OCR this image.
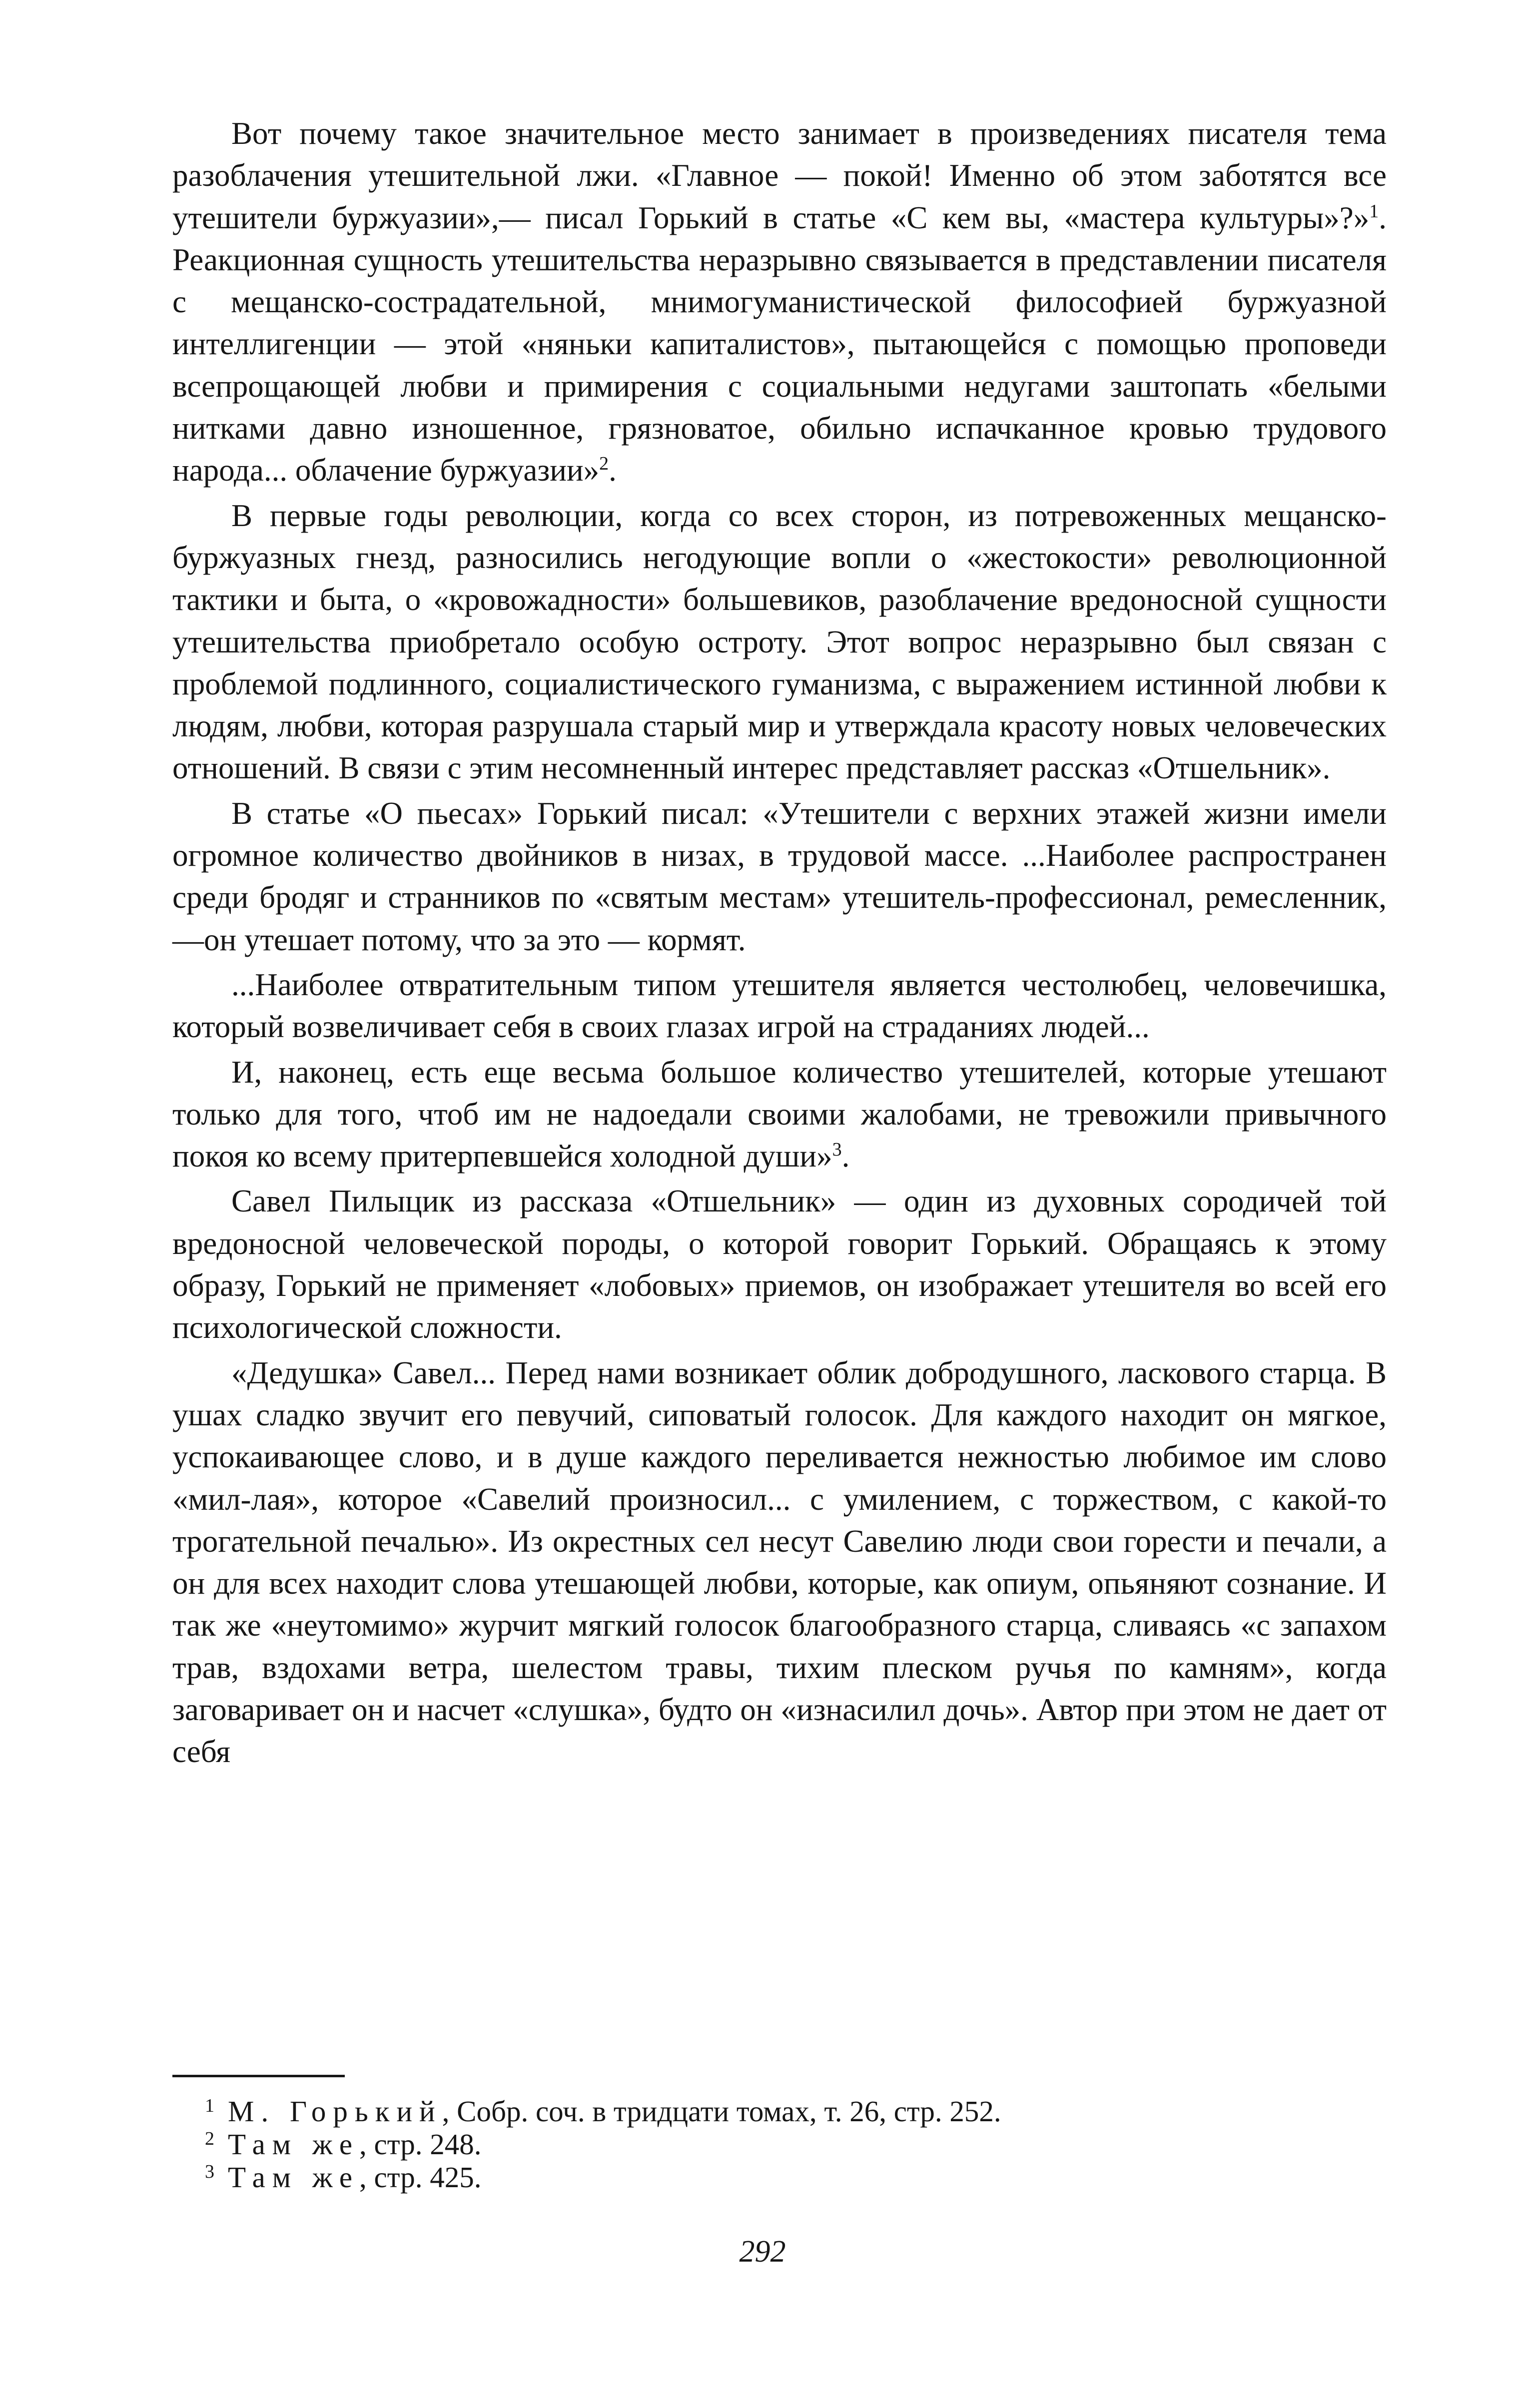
Вот почему такое значительное место занимает в произведениях писателя тема разоблачения утешительной лжи. «Главное — покой! Именно об этом заботятся все утешители буржуазии»,— писал Горький в статье «С кем вы, «мастера культуры»?»$^1$. Реакционная сущность утешительства неразрывно связывается в представлении писателя с мещанско-сострадательной, мнимогуманистической философией буржуазной интеллигенции — этой «няньки капиталистов», пытающейся с помощью проповеди всепрощающей любви и примирения с социальными недугами заштопать «белыми нитками давно изношенное, грязноватое, обильно испачканное кровью трудового народа... облачение буржуазии»$^2$.

В первые годы революции, когда со всех сторон, из потревоженных мещанско-буржуазных гнезд, разносились негодующие вопли о «жестокости» революционной тактики и быта, о «кровожадности» большевиков, разоблачение вредоносной сущности утешительства приобретало особую остроту. Этот вопрос неразрывно был связан с проблемой подлинного, социалистического гуманизма, с выражением истинной любви к людям, любви, которая разрушала старый мир и утверждала красоту новых человеческих отношений. В связи с этим несомненный интерес представляет рассказ «Отшельник».

В статье «О пьесах» Горький писал: «Утешители с верхних этажей жизни имели огромное количество двойников в низах, в трудовой массе. ...Наиболее распространен среди бродяг и странников по «святым местам» утешитель-профессионал, ремесленник,—он утешает потому, что за это — кормят.

...Наиболее отвратительным типом утешителя является честолюбец, человечишка, который возвеличивает себя в своих глазах игрой на страданиях людей...

И, наконец, есть еще весьма большое количество утешителей, которые утешают только для того, чтоб им не надоедали своими жалобами, не тревожили привычного покоя ко всему притерпевшейся холодной души»$^3$.

Савел Пилыцик из рассказа «Отшельник» — один из духовных сородичей той вредоносной человеческой породы, о которой говорит Горький. Обращаясь к этому образу, Горький не применяет «лобовых» приемов, он изображает утешителя во всей его психологической сложности.

«Дедушка» Савел... Перед нами возникает облик добродушного, ласкового старца. В ушах сладко звучит его певучий, сиповатый голосок. Для каждого находит он мягкое, успокаивающее слово, и в душе каждого переливается нежностью любимое им слово «мил-лая», которое «Савелий произносил... с умилением, с торжеством, с какой-то трогательной печалью». Из окрестных сел несут Савелию люди свои горести и печали, а он для всех находит слова утешающей любви, которые, как опиум, опьяняют сознание. И так же «неутомимо» журчит мягкий голосок благообразного старца, сливаясь «с запахом трав, вздохами ветра, шелестом травы, тихим плеском ручья по камням», когда заговаривает он и насчет «слушка», будто он «изнасилил дочь». Автор при этом не дает от себя

1 М. Горький, Собр. соч. в тридцати томах, т. 26, стр. 252.

2 Там же, стр. 248.

3 Там же, стр. 425.

292
